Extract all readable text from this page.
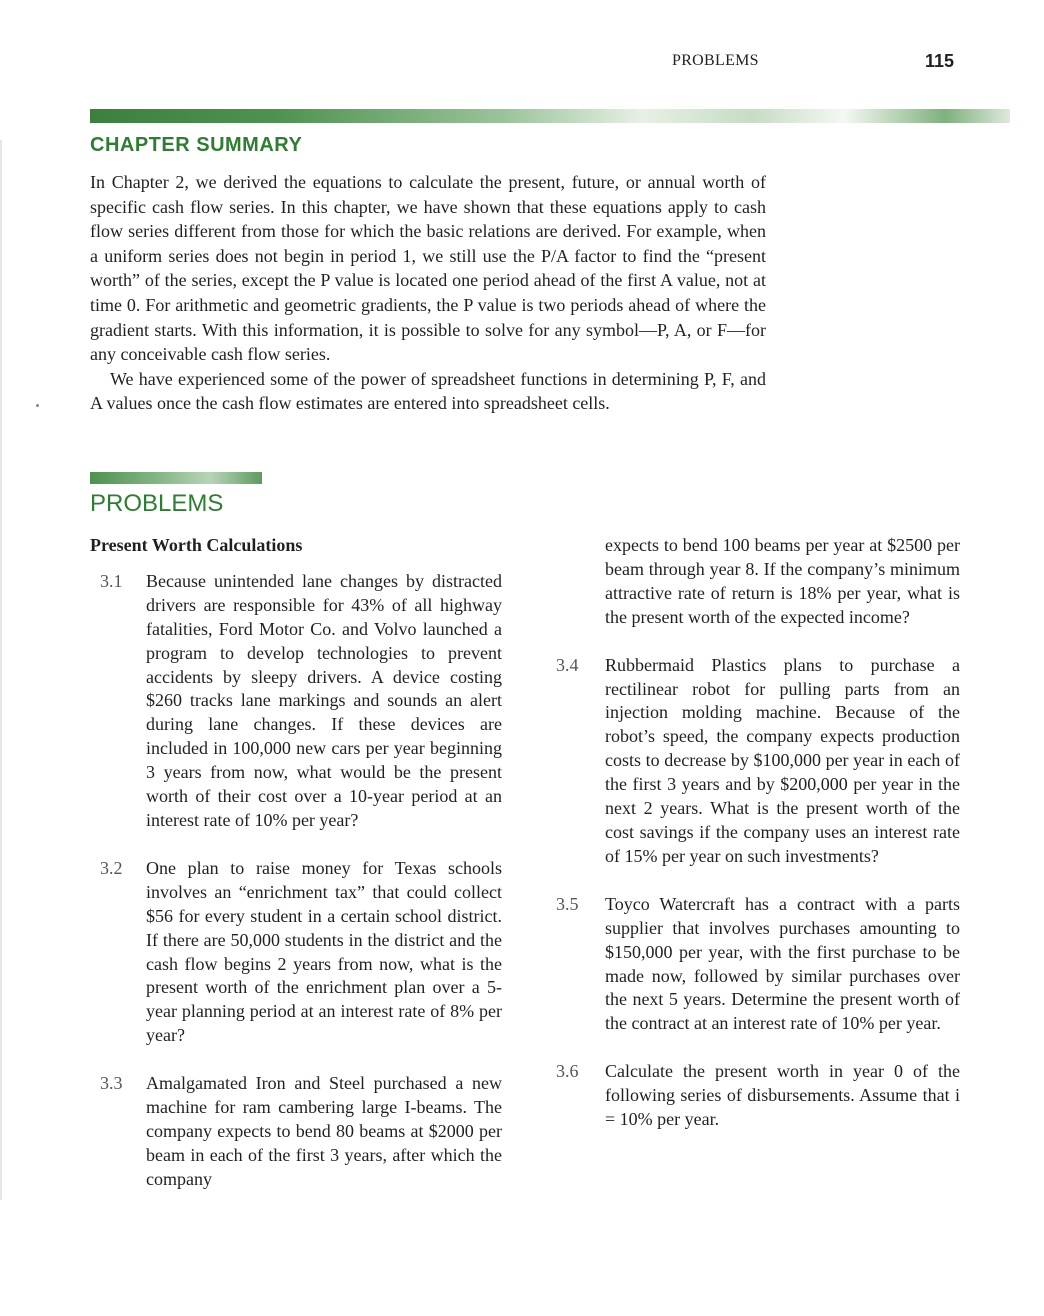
PROBLEMS	115
CHAPTER SUMMARY

In Chapter 2, we derived the equations to calculate the present, future, or annual worth of specific cash flow series. In this chapter, we have shown that these equations apply to cash flow series different from those for which the basic relations are derived. For example, when a uniform series does not begin in period 1, we still use the P/A factor to find the “present worth” of the series, except the P value is located one period ahead of the first A value, not at time 0. For arithmetic and geometric gradients, the P value is two periods ahead of where the gradient starts. With this information, it is possible to solve for any symbol—P, A, or F—for any conceivable cash flow series.

We have experienced some of the power of spreadsheet functions in determining P, F, and A values once the cash flow estimates are entered into spreadsheet cells.

PROBLEMS
Present Worth Calculations
3.1 Because unintended lane changes by distracted drivers are responsible for 43% of all highway fatalities, Ford Motor Co. and Volvo launched a program to develop technologies to prevent accidents by sleepy drivers. A device costing $260 tracks lane markings and sounds an alert during lane changes. If these devices are included in 100,000 new cars per year beginning 3 years from now, what would be the present worth of their cost over a 10-year period at an interest rate of 10% per year?
3.2 One plan to raise money for Texas schools involves an “enrichment tax” that could collect $56 for every student in a certain school district. If there are 50,000 students in the district and the cash flow begins 2 years from now, what is the present worth of the enrichment plan over a 5-year planning period at an interest rate of 8% per year?
3.3 Amalgamated Iron and Steel purchased a new machine for ram cambering large I-beams. The company expects to bend 80 beams at $2000 per beam in each of the first 3 years, after which the company
expects to bend 100 beams per year at $2500 per beam through year 8. If the company’s minimum attractive rate of return is 18% per year, what is the present worth of the expected income?
3.4 Rubbermaid Plastics plans to purchase a rectilinear robot for pulling parts from an injection molding machine. Because of the robot’s speed, the company expects production costs to decrease by $100,000 per year in each of the first 3 years and by $200,000 per year in the next 2 years. What is the present worth of the cost savings if the company uses an interest rate of 15% per year on such investments?
3.5 Toyco Watercraft has a contract with a parts supplier that involves purchases amounting to $150,000 per year, with the first purchase to be made now, followed by similar purchases over the next 5 years. Determine the present worth of the contract at an interest rate of 10% per year.
3.6 Calculate the present worth in year 0 of the following series of disbursements. Assume that i = 10% per year.
